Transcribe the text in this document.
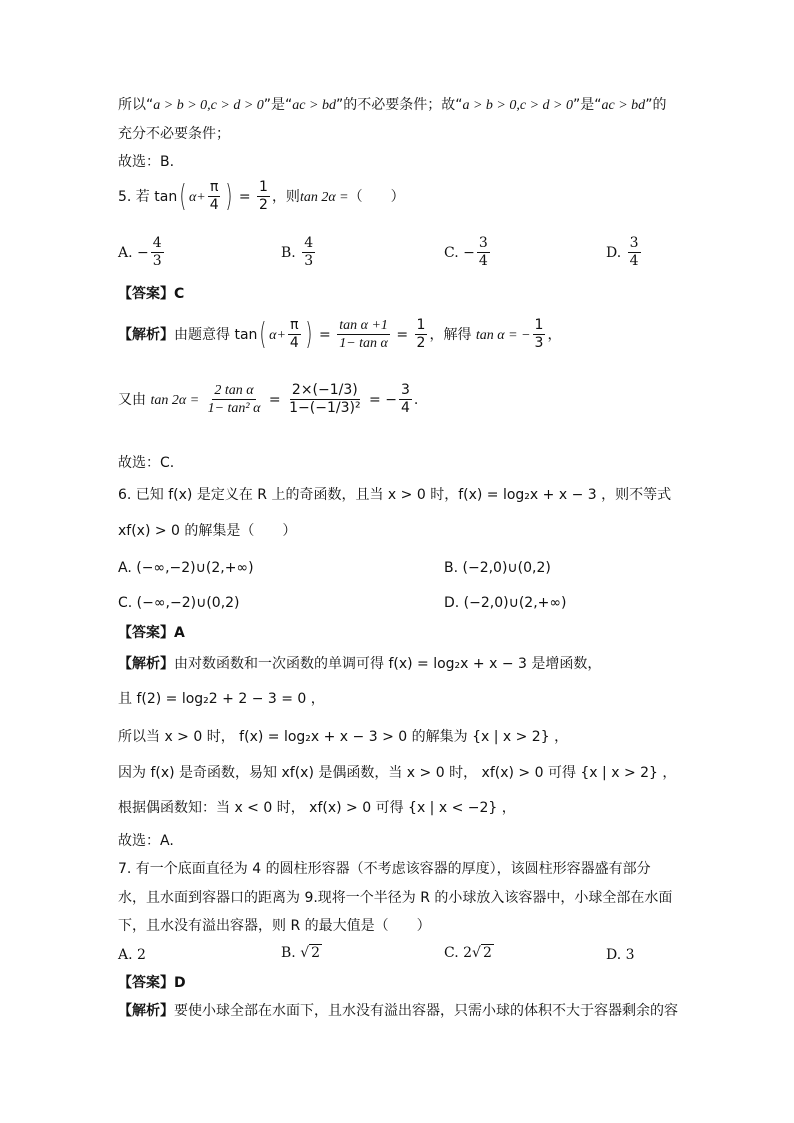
所以“a > b > 0,c > d > 0”是“ac > bd”的不必要条件；故“a > b > 0,c > d > 0”是“ac > bd”的
充分不必要条件；
故选：B.
5. 若 tan( $\alpha+ \frac{\pi}{4}$ ) = $\frac{1}{2}$ ，则tan 2α =（　　）
A. − $\frac{4}{3}$	B. $\frac{4}{3}$	C. − $\frac{3}{4}$	D. $\frac{3}{4}$
【答案】C
【解析】由题意得 tan( $\alpha+ \frac{\pi}{4}$ ) = $\frac{\text{tan α +1}}{\text{1− tan α}} = \frac{1}{2}$ ，解得 tan α = − $\frac{1}{3}$ ，
又由 $\tan 2\alpha = \frac{\text{2 tan α}}{\text{1− tan² α}} = \frac{2\times(-1/3)}{\text{1−(−1/3)²}}$ = − $\frac{3}{4}$ .
故选：C.
6. 已知 f(x) 是定义在 R 上的奇函数，且当 x > 0 时，f(x) = log₂x + x − 3 ，则不等式
xf(x) > 0 的解集是（　　）
A. (−∞,−2)∪(2,+∞)	B. (−2,0)∪(0,2)
C. (−∞,−2)∪(0,2)	D. (−2,0)∪(2,+∞)
【答案】A
【解析】由对数函数和一次函数的单调可得 f(x) = log₂x + x − 3 是增函数，
且 f(2) = log₂2 + 2 − 3 = 0 ，
所以当 x > 0 时， f(x) = log₂x + x − 3 > 0 的解集为 {x | x > 2} ，
因为 f(x) 是奇函数，易知 xf(x) 是偶函数，当 x > 0 时， xf(x) > 0 可得 {x | x > 2} ，
根据偶函数知：当 x < 0 时， xf(x) > 0 可得 {x | x < −2} ，
故选：A.
7. 有一个底面直径为 4 的圆柱形容器（不考虑该容器的厚度），该圆柱形容器盛有部分
水，且水面到容器口的距离为 9.现将一个半径为 R 的小球放入该容器中，小球全部在水面
下，且水没有溢出容器，则 R 的最大值是（　　）
A. 2	B. √ 2	C. 2√ 2	D. 3
【答案】D
【解析】要使小球全部在水面下，且水没有溢出容器，只需小球的体积不大于容器剩余的容
